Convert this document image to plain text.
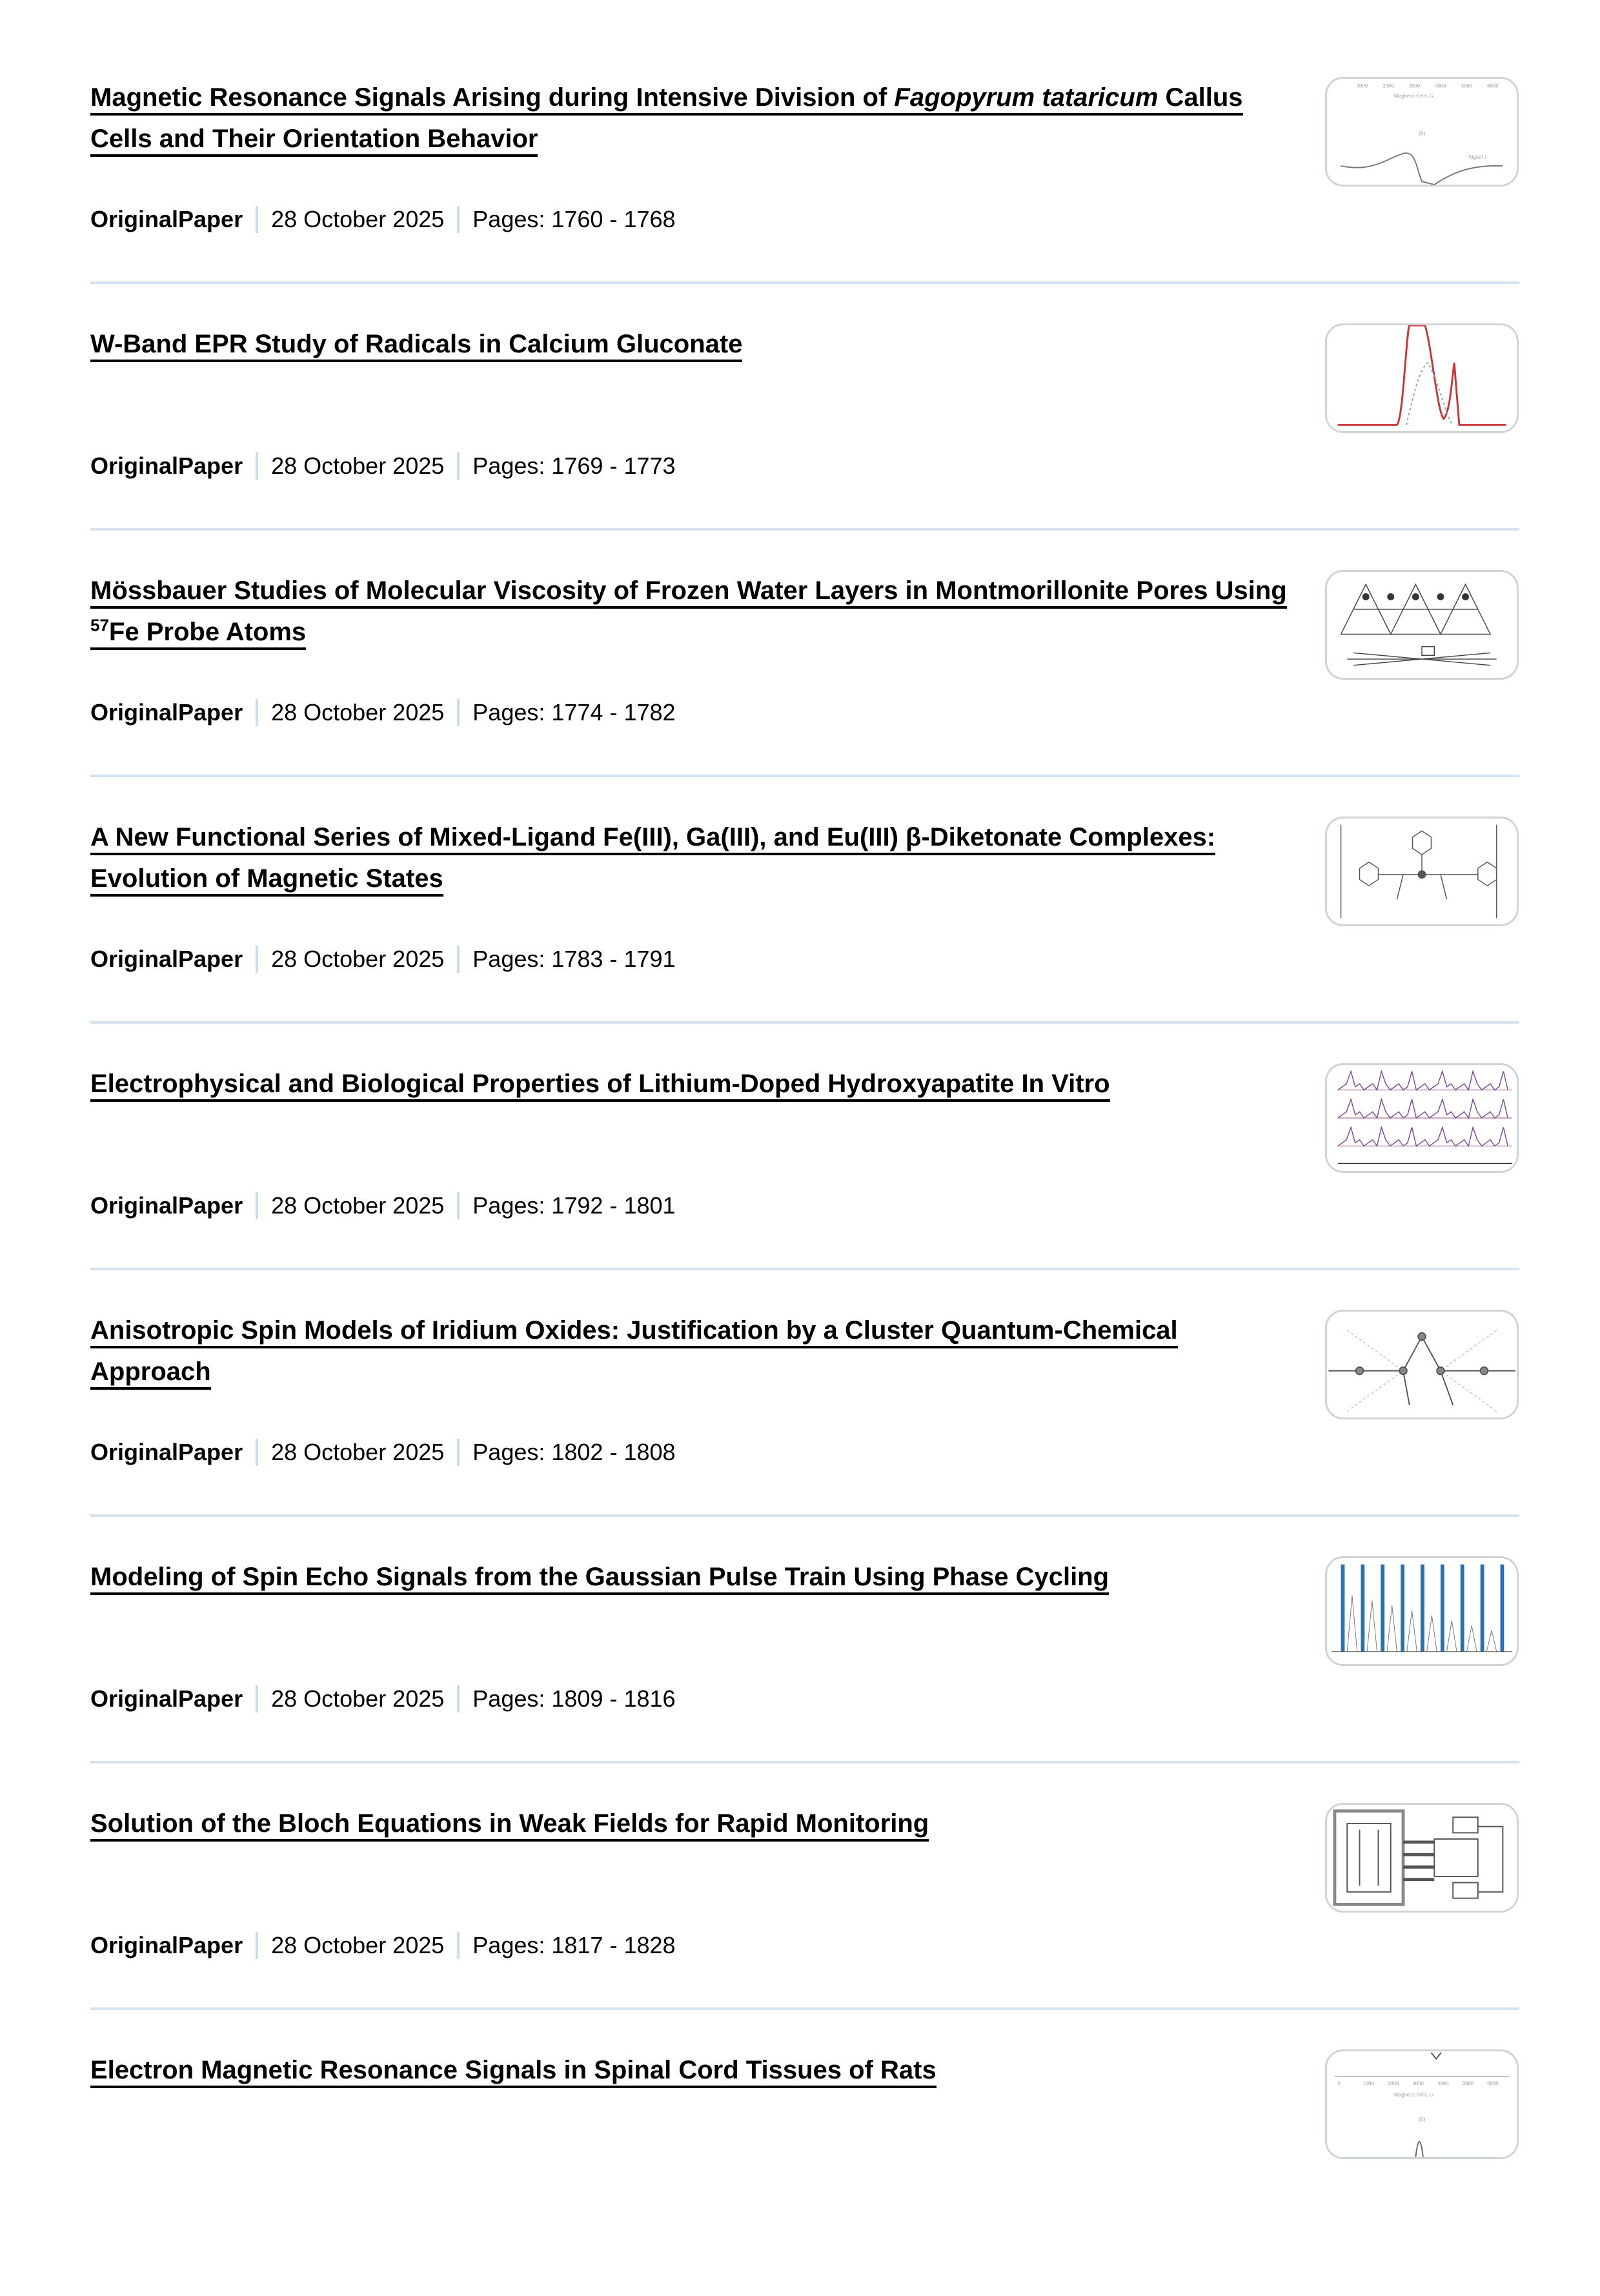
Magnetic Resonance Signals Arising during Intensive Division of Fagopyrum tataricum Callus Cells and Their Orientation Behavior
OriginalPaper 28 October 2025 Pages: 1760 - 1768
1000	2000	3000	4000	5000	6000
Magnetic field, G
(b)
Signal 1
W-Band EPR Study of Radicals in Calcium Gluconate
OriginalPaper 28 October 2025 Pages: 1769 - 1773
Mössbauer Studies of Molecular Viscosity of Frozen Water Layers in Montmorillonite Pores Using $^{57}$Fe Probe Atoms
OriginalPaper 28 October 2025 Pages: 1774 - 1782
A New Functional Series of Mixed-Ligand Fe(III), Ga(III), and Eu(III) β-Diketonate Complexes: Evolution of Magnetic States
OriginalPaper 28 October 2025 Pages: 1783 - 1791
Electrophysical and Biological Properties of Lithium-Doped Hydroxyapatite In Vitro
OriginalPaper 28 October 2025 Pages: 1792 - 1801
Anisotropic Spin Models of Iridium Oxides: Justification by a Cluster Quantum-Chemical Approach
OriginalPaper 28 October 2025 Pages: 1802 - 1808
Modeling of Spin Echo Signals from the Gaussian Pulse Train Using Phase Cycling
OriginalPaper 28 October 2025 Pages: 1809 - 1816
Solution of the Bloch Equations in Weak Fields for Rapid Monitoring
OriginalPaper 28 October 2025 Pages: 1817 - 1828
Electron Magnetic Resonance Signals in Spinal Cord Tissues of Rats	0	1000 2000 3000 4000 5000 6000
Magnetic field, G
(b)
